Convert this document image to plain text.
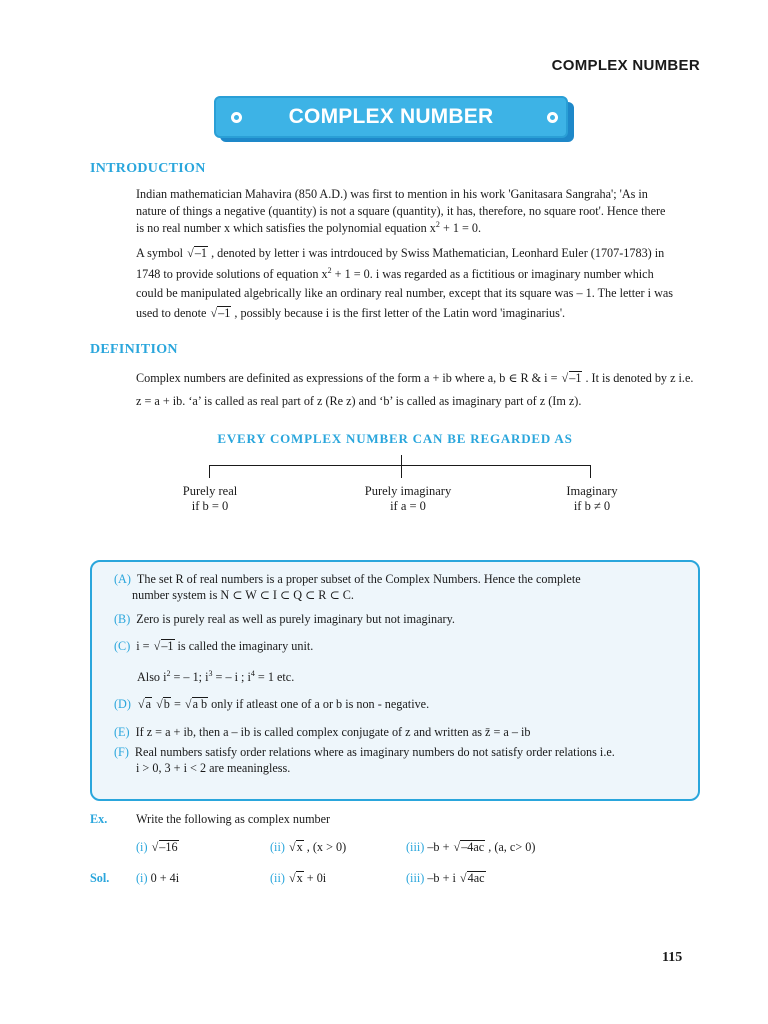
COMPLEX NUMBER
COMPLEX NUMBER
INTRODUCTION
Indian mathematician Mahavira (850 A.D.) was first to mention in his work 'Ganitasara Sangraha'; 'As in
nature of things a negative (quantity) is not a square (quantity), it has, therefore, no square root'. Hence there
is no real number x which satisfies the polynomial equation $x^2 + 1 = 0$.
A symbol √ –1 , denoted by letter i was intrdouced by Swiss Mathematician, Leonhard Euler (1707-1783) in
1748 to provide solutions of equation $x^2 + 1 = 0$. i was regarded as a fictitious or imaginary number which
could be manipulated algebrically like an ordinary real number, except that its square was – 1. The letter i was
used to denote √ –1 , possibly because i is the first letter of the Latin word 'imaginarius'.
DEFINITION
Complex numbers are definited as expressions of the form a + ib where a, b ∈ R & i = √ –1 . It is denoted by z i.e.
z = a + ib. ‘a’ is called as real part of z (Re z) and ‘b’ is called as imaginary part of z (Im z).
EVERY COMPLEX NUMBER CAN BE REGARDED AS
Purely real
if b = 0
Purely imaginary
if a = 0
Imaginary
if b ≠ 0
(A) The set R of real numbers is a proper subset of the Complex Numbers. Hence the complete
number system is N ⊂ W ⊂ I ⊂ Q ⊂ R ⊂ C.
(B) Zero is purely real as well as purely imaginary but not imaginary.
(C) i = √ –1 is called the imaginary unit.
Also $i^2$ = – 1; $i^3$ = – i ; $i^4 = 1$ etc.
(D) √ a √ b = √ a b only if atleast one of a or b is non - negative.
(E) If z = a + ib, then a – ib is called complex conjugate of z and written as z̄ = a – ib
(F) Real numbers satisfy order relations where as imaginary numbers do not satisfy order relations i.e.
i > 0, 3 + i < 2 are meaningless.
Ex. Write the following as complex number
(i) √ –16	(ii) √ x , (x > 0)	(iii) –b + √ –4ac , (a, c> 0)
Sol. (i) 0 + 4i	(ii) √ x + 0i	(iii) –b + i √ 4ac
115
